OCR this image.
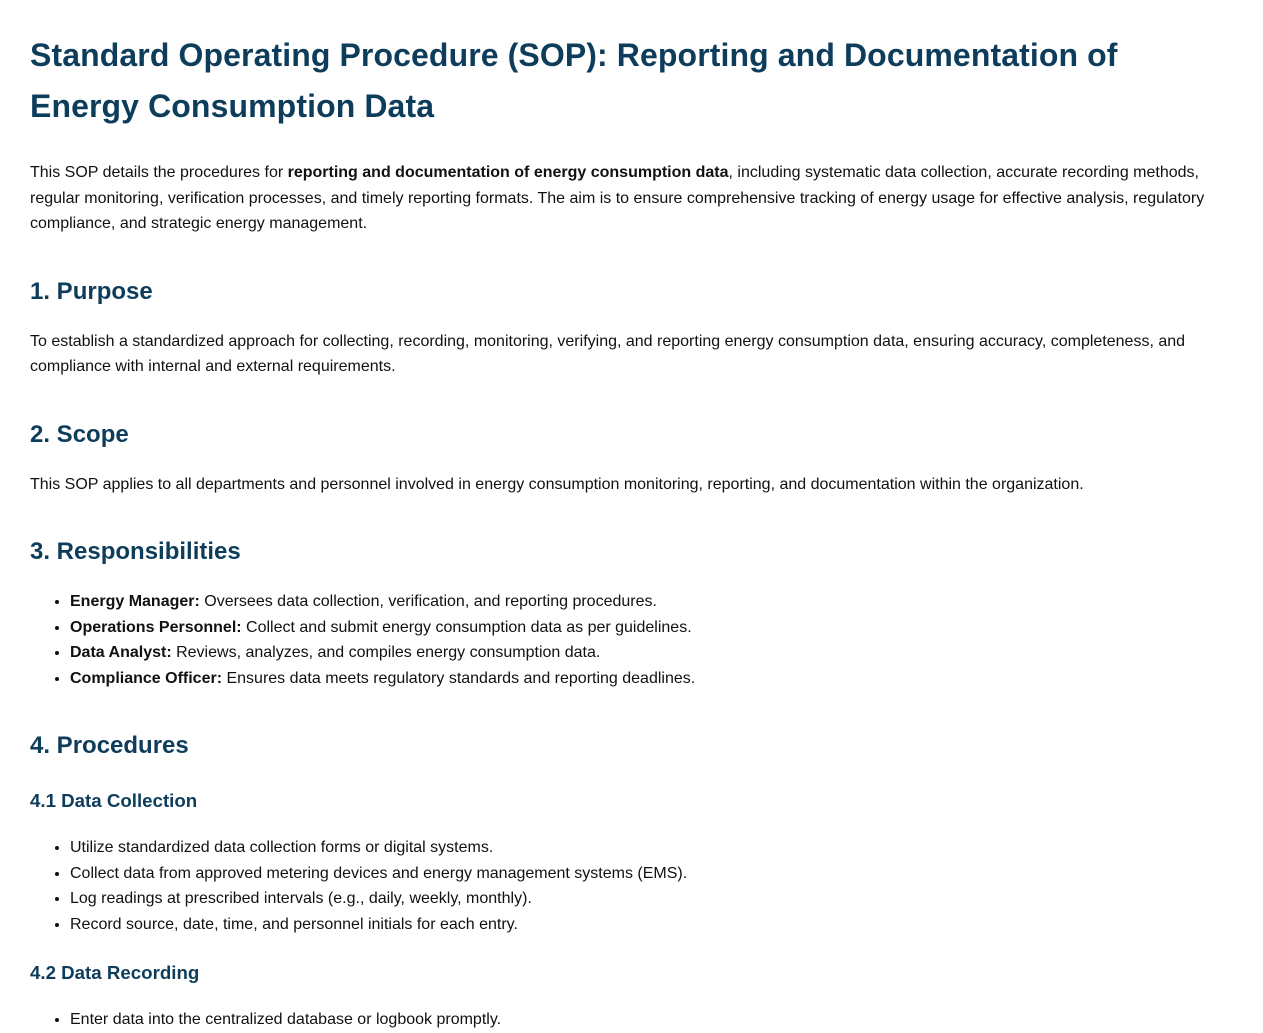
Standard Operating Procedure (SOP): Reporting and Documentation of Energy Consumption Data

This SOP details the procedures for reporting and documentation of energy consumption data, including systematic data collection, accurate recording methods, regular monitoring, verification processes, and timely reporting formats. The aim is to ensure comprehensive tracking of energy usage for effective analysis, regulatory compliance, and strategic energy management.

1. Purpose

To establish a standardized approach for collecting, recording, monitoring, verifying, and reporting energy consumption data, ensuring accuracy, completeness, and compliance with internal and external requirements.

2. Scope

This SOP applies to all departments and personnel involved in energy consumption monitoring, reporting, and documentation within the organization.

3. Responsibilities
• Energy Manager: Oversees data collection, verification, and reporting procedures.
• Operations Personnel: Collect and submit energy consumption data as per guidelines.
• Data Analyst: Reviews, analyzes, and compiles energy consumption data.
• Compliance Officer: Ensures data meets regulatory standards and reporting deadlines.
4. Procedures
4.1 Data Collection
• Utilize standardized data collection forms or digital systems.
• Collect data from approved metering devices and energy management systems (EMS).
• Log readings at prescribed intervals (e.g., daily, weekly, monthly).
• Record source, date, time, and personnel initials for each entry.
4.2 Data Recording
• Enter data into the centralized database or logbook promptly.
